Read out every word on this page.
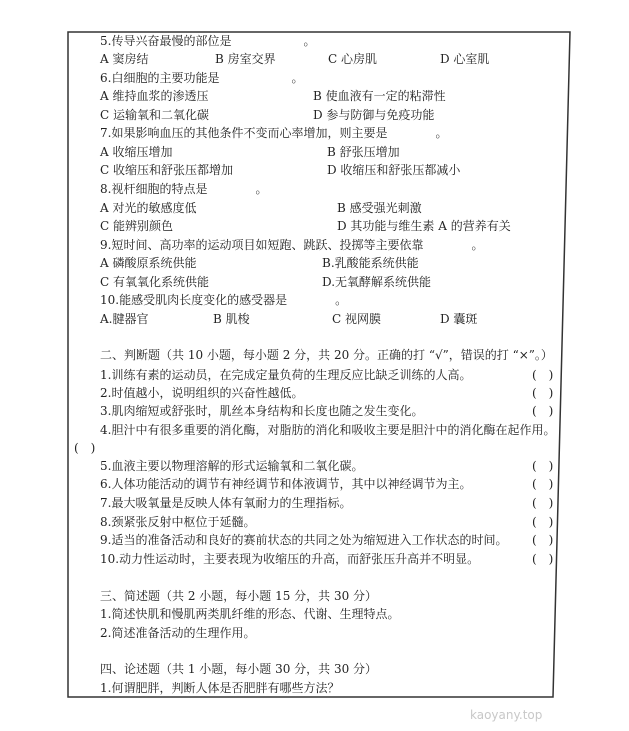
kaoyany.top
5.传导兴奋最慢的部位是　　　　　　。
A 窦房结	B 房室交界	C 心房肌	D 心室肌
6.白细胞的主要功能是　　　　　　。
A 维持血浆的渗透压	B 使血液有一定的粘滞性
C 运输氧和二氧化碳	D 参与防御与免疫功能
7.如果影响血压的其他条件不变而心率增加，则主要是　　　　。
A 收缩压增加	B 舒张压增加
C 收缩压和舒张压都增加	D 收缩压和舒张压都减小
8.视杆细胞的特点是　　　　。
A 对光的敏感度低	B 感受强光刺激
C 能辨别颜色	D 其功能与维生素 A 的营养有关
9.短时间、高功率的运动项目如短跑、跳跃、投掷等主要依靠　　　　。
A 磷酸原系统供能	B.乳酸能系统供能
C 有氧氧化系统供能	D.无氧酵解系统供能
10.能感受肌肉长度变化的感受器是　　　　。
A.腱器官	B 肌梭	C 视网膜	D 囊斑
二、判断题（共 10 小题，每小题 2 分，共 20 分。正确的打 “√”，错误的打 “×”。）
1.训练有素的运动员，在完成定量负荷的生理反应比缺乏训练的人高。	(　)
2.时值越小，说明组织的兴奋性越低。	(　)
3.肌肉缩短或舒张时，肌丝本身结构和长度也随之发生变化。	(　)
4.胆汁中有很多重要的消化酶，对脂肪的消化和吸收主要是胆汁中的消化酶在起作用。
(　)
5.血液主要以物理溶解的形式运输氧和二氧化碳。	(　)
6.人体功能活动的调节有神经调节和体液调节，其中以神经调节为主。	(　)
7.最大吸氧量是反映人体有氧耐力的生理指标。	(　)
8.颈紧张反射中枢位于延髓。	(　)
9.适当的准备活动和良好的赛前状态的共同之处为缩短进入工作状态的时间。 (　)
10.动力性运动时，主要表现为收缩压的升高，而舒张压升高并不明显。	(　)
三、简述题（共 2 小题，每小题 15 分，共 30 分）
1.简述快肌和慢肌两类肌纤维的形态、代谢、生理特点。
2.简述准备活动的生理作用。
四、论述题（共 1 小题，每小题 30 分，共 30 分）
1.何谓肥胖，判断人体是否肥胖有哪些方法？
